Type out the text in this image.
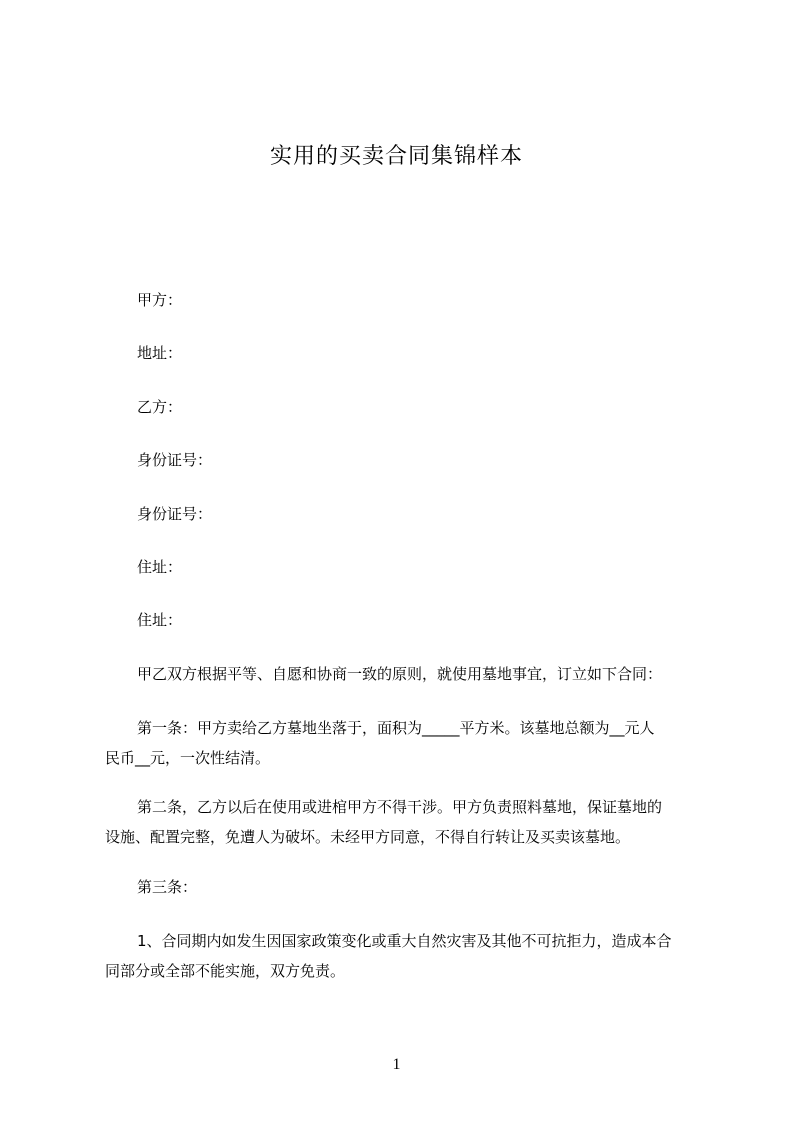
实用的买卖合同集锦样本
甲方：
地址：
乙方：
身份证号：
身份证号：
住址：
住址：
甲乙双方根据平等、自愿和协商一致的原则，就使用墓地事宜，订立如下合同：
第一条：甲方卖给乙方墓地坐落于，面积为_____平方米。该墓地总额为__元人
民币__元，一次性结清。
第二条，乙方以后在使用或进棺甲方不得干涉。甲方负责照料墓地，保证墓地的
设施、配置完整，免遭人为破坏。未经甲方同意，不得自行转让及买卖该墓地。
第三条：
1、合同期内如发生因国家政策变化或重大自然灾害及其他不可抗拒力，造成本合
同部分或全部不能实施，双方免责。
1
